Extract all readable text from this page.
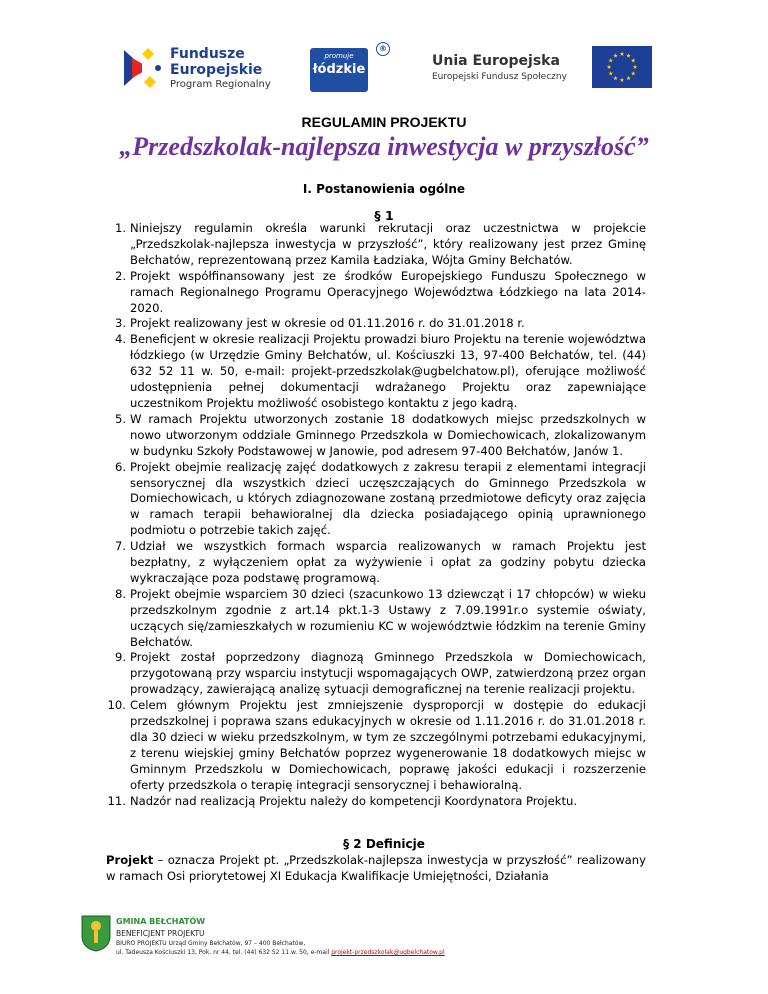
Fundusze
Europejskie
Program Regionalny
promuje
łódzkie
®
Unia Europejska
Europejski Fundusz Społeczny
REGULAMIN PROJEKTU
„Przedszkolak-najlepsza inwestycja w przyszłość”
I. Postanowienia ogólne
§ 1
1. Niniejszy regulamin określa warunki rekrutacji oraz uczestnictwa w projekcie „Przedszkolak-najlepsza inwestycja w przyszłość”, który realizowany jest przez Gminę Bełchatów, reprezentowaną przez Kamila Ładziaka, Wójta Gminy Bełchatów.
2. Projekt współfinansowany jest ze środków Europejskiego Funduszu Społecznego w ramach Regionalnego Programu Operacyjnego Województwa Łódzkiego na lata 2014-2020.
3. Projekt realizowany jest w okresie od 01.11.2016 r. do 31.01.2018 r.
4. Beneficjent w okresie realizacji Projektu prowadzi biuro Projektu na terenie województwa łódzkiego (w Urzędzie Gminy Bełchatów, ul. Kościuszki 13, 97-400 Bełchatów, tel. (44) 632 52 11 w. 50, e-mail: projekt-przedszkolak@ugbelchatow.pl), oferujące możliwość udostępnienia pełnej dokumentacji wdrażanego Projektu oraz zapewniające uczestnikom Projektu możliwość osobistego kontaktu z jego kadrą.
5. W ramach Projektu utworzonych zostanie 18 dodatkowych miejsc przedszkolnych w nowo utworzonym oddziale Gminnego Przedszkola w Domiechowicach, zlokalizowanym w budynku Szkoły Podstawowej w Janowie, pod adresem 97-400 Bełchatów, Janów 1.
6. Projekt obejmie realizację zajęć dodatkowych z zakresu terapii z elementami integracji sensorycznej dla wszystkich dzieci uczęszczających do Gminnego Przedszkola w Domiechowicach, u których zdiagnozowane zostaną przedmiotowe deficyty oraz zajęcia w ramach terapii behawioralnej dla dziecka posiadającego opinią uprawnionego podmiotu o potrzebie takich zajęć.
7. Udział we wszystkich formach wsparcia realizowanych w ramach Projektu jest bezpłatny, z wyłączeniem opłat za wyżywienie i opłat za godziny pobytu dziecka wykraczające poza podstawę programową.
8. Projekt obejmie wsparciem 30 dzieci (szacunkowo 13 dziewcząt i 17 chłopców) w wieku przedszkolnym zgodnie z art.14 pkt.1-3 Ustawy z 7.09.1991r.o systemie oświaty, uczących się/zamieszkałych w rozumieniu KC w województwie łódzkim na terenie Gminy Bełchatów.
9. Projekt został poprzedzony diagnozą Gminnego Przedszkola w Domiechowicach, przygotowaną przy wsparciu instytucji wspomagających OWP, zatwierdzoną przez organ prowadzący, zawierającą analizę sytuacji demograficznej na terenie realizacji projektu.
10. Celem głównym Projektu jest zmniejszenie dysproporcji w dostępie do edukacji przedszkolnej i poprawa szans edukacyjnych w okresie od 1.11.2016 r. do 31.01.2018 r. dla 30 dzieci w wieku przedszkolnym, w tym ze szczególnymi potrzebami edukacyjnymi, z terenu wiejskiej gminy Bełchatów poprzez wygenerowanie 18 dodatkowych miejsc w Gminnym Przedszkolu w Domiechowicach, poprawę jakości edukacji i rozszerzenie oferty przedszkola o terapię integracji sensorycznej i behawioralną.
11. Nadzór nad realizacją Projektu należy do kompetencji Koordynatora Projektu.
§ 2 Definicje
Projekt – oznacza Projekt pt. „Przedszkolak-najlepsza inwestycja w przyszłość” realizowany w ramach Osi priorytetowej XI Edukacja Kwalifikacje Umiejętności, Działania
GMINA BEŁCHATÓW
BENEFICJENT PROJEKTU
BIURO PROJEKTU Urząd Gminy Bełchatów, 97 – 400 Bełchatów,
ul. Tadeusza Kościuszki 13, Pok. nr 44, tel. (44) 632 52 11 w. 50, e-mail projekt-przedszkolak@ugbelchatow.pl
